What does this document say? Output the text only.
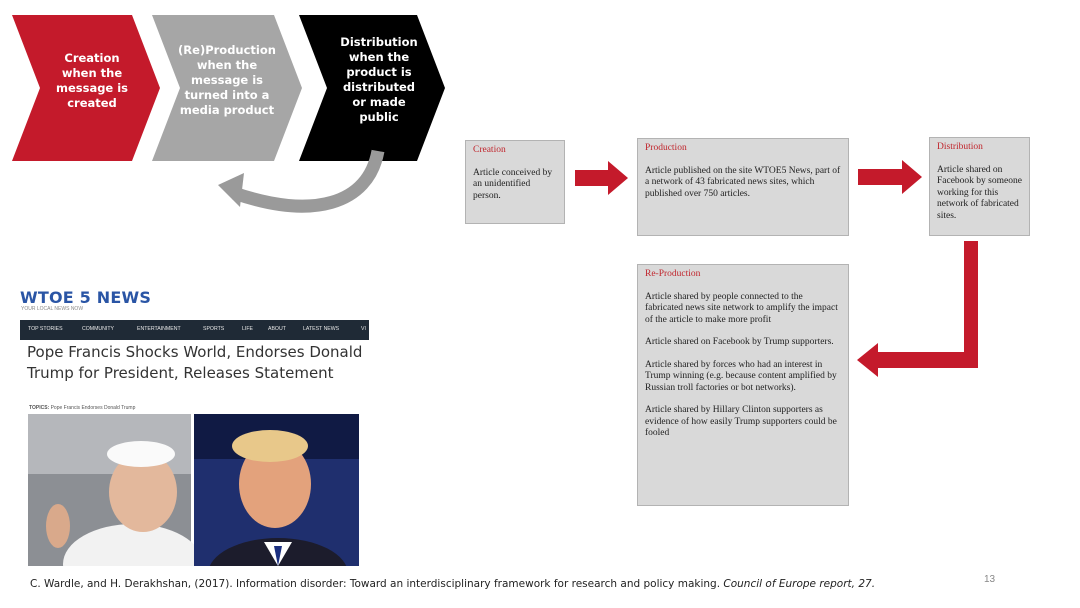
Creation
when the
message is
created
(Re)Production
when the
message is
turned into a
media product
Distribution
when the
product is
distributed
or made
public
Creation

Article conceived by an unidentified person.

Production

Article published on the site WTOE5 News, part of a network of 43 fabricated news sites, which published over 750 articles.

Distribution

Article shared on Facebook by someone working for this network of fabricated sites.

Re-Production

Article shared by people connected to the fabricated news site network to amplify the impact of the article to make more profit

Article shared on Facebook by Trump supporters.

Article shared by forces who had an interest in Trump winning (e.g. because content amplified by Russian troll factories or bot networks).

Article shared by Hillary Clinton supporters as evidence of how easily Trump supporters could be fooled

WTOE 5 NEWS
YOUR LOCAL NEWS NOW
TOP STORIES	COMMUNITY	ENTERTAINMENT	SPORTS	LIFE	ABOUT	LATEST NEWS	VI
Pope Francis Shocks World, Endorses Donald Trump for President, Releases Statement
TOPICS: Pope Francis Endorses Donald Trump
C. Wardle, and H. Derakhshan, (2017). Information disorder: Toward an interdisciplinary framework for research and policy making. Council of Europe report, 27.	13
